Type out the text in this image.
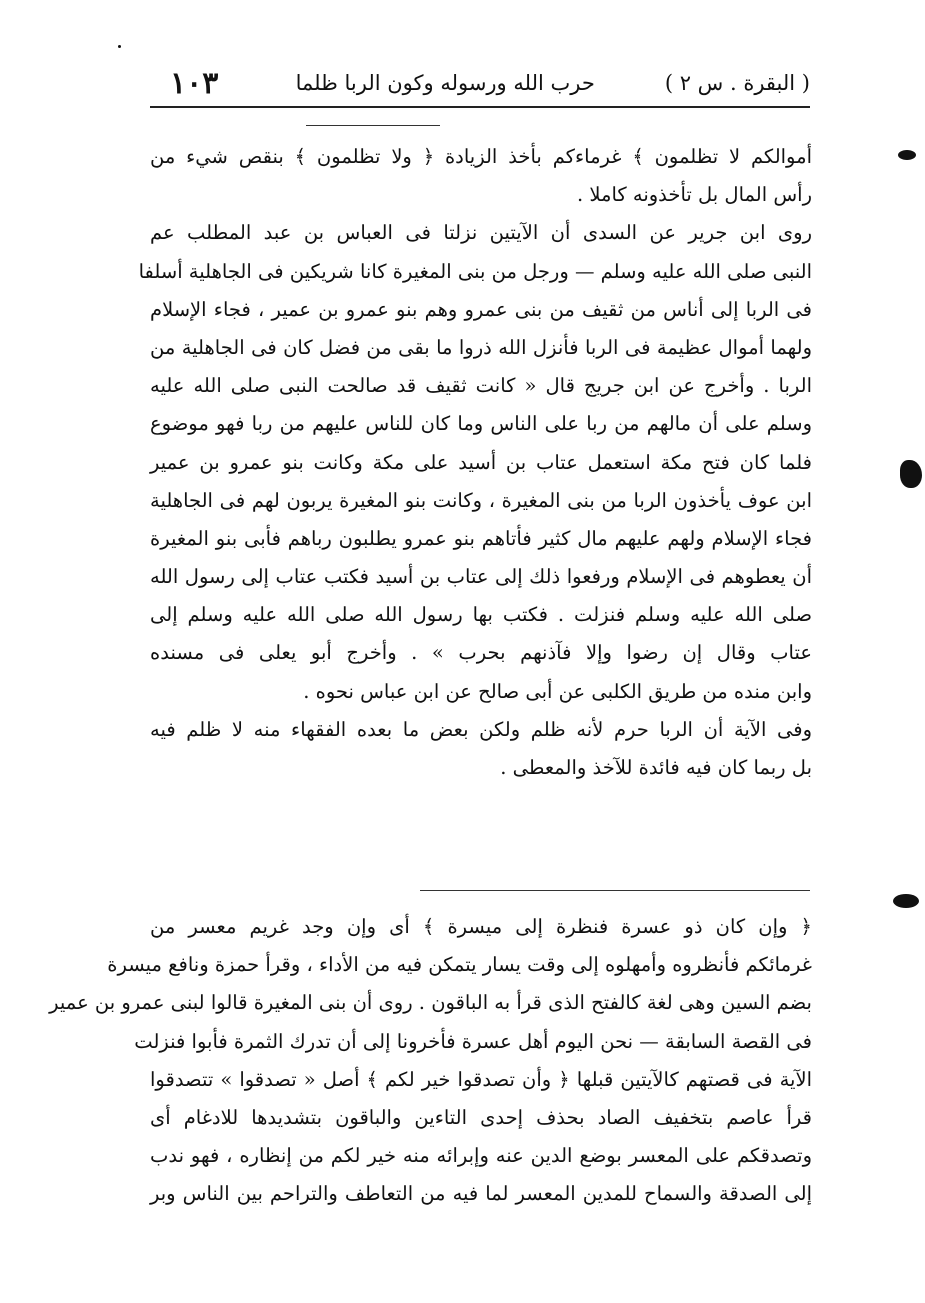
( البقرة . س ٢ )
حرب الله ورسوله وكون الربا ظلما
١٠٣
أموالكم لا تظلمون ﴾ غرماءكم بأخذ الزيادة ﴿ ولا تظلمون ﴾ بنقص شيء من
رأس المال بل تأخذونه كاملا .
روى ابن جرير عن السدى أن الآيتين نزلتا فى العباس بن عبد المطلب عم
النبى صلى الله عليه وسلم — ورجل من بنى المغيرة كانا شريكين فى الجاهلية أسلفا
فى الربا إلى أناس من ثقيف من بنى عمرو وهم بنو عمرو بن عمير ، فجاء الإسلام
ولهما أموال عظيمة فى الربا فأنزل الله ذروا ما بقى من فضل كان فى الجاهلية من
الربا . وأخرج عن ابن جريج قال « كانت ثقيف قد صالحت النبى صلى الله عليه
وسلم على أن مالهم من ربا على الناس وما كان للناس عليهم من ربا فهو موضوع
فلما كان فتح مكة استعمل عتاب بن أسيد على مكة وكانت بنو عمرو بن عمير
ابن عوف يأخذون الربا من بنى المغيرة ، وكانت بنو المغيرة يربون لهم فى الجاهلية
فجاء الإسلام ولهم عليهم مال كثير فأتاهم بنو عمرو يطلبون رباهم فأبى بنو المغيرة
أن يعطوهم فى الإسلام ورفعوا ذلك إلى عتاب بن أسيد فكتب عتاب إلى رسول الله
صلى الله عليه وسلم فنزلت . فكتب بها رسول الله صلى الله عليه وسلم إلى
عتاب وقال إن رضوا وإلا فآذنهم بحرب » . وأخرج أبو يعلى فى مسنده
وابن منده من طريق الكلبى عن أبى صالح عن ابن عباس نحوه .
وفى الآية أن الربا حرم لأنه ظلم ولكن بعض ما بعده الفقهاء منه لا ظلم فيه
بل ربما كان فيه فائدة للآخذ والمعطى .
﴿ وإن كان ذو عسرة فنظرة إلى ميسرة ﴾ أى وإن وجد غريم معسر من
غرمائكم فأنظروه وأمهلوه إلى وقت يسار يتمكن فيه من الأداء ، وقرأ حمزة ونافع ميسرة
بضم السين وهى لغة كالفتح الذى قرأ به الباقون . روى أن بنى المغيرة قالوا لبنى عمرو بن عمير
فى القصة السابقة — نحن اليوم أهل عسرة فأخرونا إلى أن تدرك الثمرة فأبوا فنزلت
الآية فى قصتهم كالآيتين قبلها ﴿ وأن تصدقوا خير لكم ﴾ أصل « تصدقوا » تتصدقوا
قرأ عاصم بتخفيف الصاد بحذف إحدى التاءين والباقون بتشديدها للادغام أى
وتصدقكم على المعسر بوضع الدين عنه وإبرائه منه خير لكم من إنظاره ، فهو ندب
إلى الصدقة والسماح للمدين المعسر لما فيه من التعاطف والتراحم بين الناس وبر
